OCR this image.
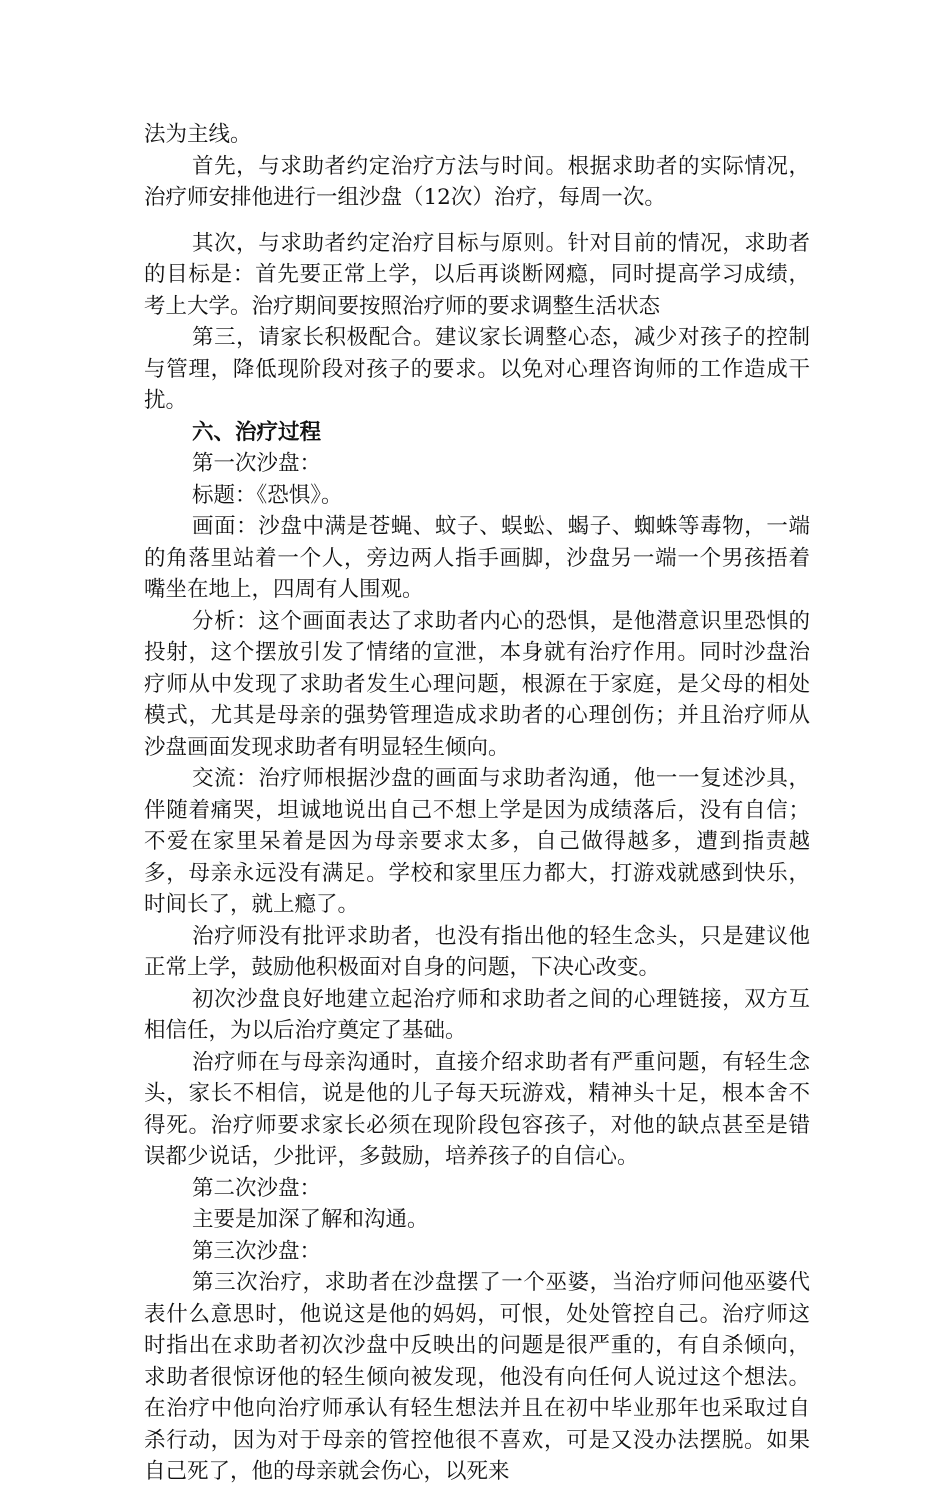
法为主线。

首先，与求助者约定治疗方法与时间。根据求助者的实际情况，治疗师安排他进行一组沙盘（12次）治疗，每周一次。

其次，与求助者约定治疗目标与原则。针对目前的情况，求助者的目标是：首先要正常上学，以后再谈断网瘾，同时提高学习成绩，考上大学。治疗期间要按照治疗师的要求调整生活状态

第三，请家长积极配合。建议家长调整心态，减少对孩子的控制与管理，降低现阶段对孩子的要求。以免对心理咨询师的工作造成干扰。

六、治疗过程

第一次沙盘：

标题：《恐惧》。

画面：沙盘中满是苍蝇、蚊子、蜈蚣、蝎子、蜘蛛等毒物，一端的角落里站着一个人，旁边两人指手画脚，沙盘另一端一个男孩捂着嘴坐在地上，四周有人围观。

分析：这个画面表达了求助者内心的恐惧，是他潜意识里恐惧的投射，这个摆放引发了情绪的宣泄，本身就有治疗作用。同时沙盘治疗师从中发现了求助者发生心理问题，根源在于家庭，是父母的相处模式，尤其是母亲的强势管理造成求助者的心理创伤；并且治疗师从沙盘画面发现求助者有明显轻生倾向。

交流：治疗师根据沙盘的画面与求助者沟通，他一一复述沙具，伴随着痛哭，坦诚地说出自己不想上学是因为成绩落后，没有自信；不爱在家里呆着是因为母亲要求太多，自己做得越多，遭到指责越多，母亲永远没有满足。学校和家里压力都大，打游戏就感到快乐，时间长了，就上瘾了。

治疗师没有批评求助者，也没有指出他的轻生念头，只是建议他正常上学，鼓励他积极面对自身的问题，下决心改变。

初次沙盘良好地建立起治疗师和求助者之间的心理链接，双方互相信任，为以后治疗奠定了基础。

治疗师在与母亲沟通时，直接介绍求助者有严重问题，有轻生念头，家长不相信，说是他的儿子每天玩游戏，精神头十足，根本舍不得死。治疗师要求家长必须在现阶段包容孩子，对他的缺点甚至是错误都少说话，少批评，多鼓励，培养孩子的自信心。

第二次沙盘：

主要是加深了解和沟通。

第三次沙盘：

第三次治疗，求助者在沙盘摆了一个巫婆，当治疗师问他巫婆代表什么意思时，他说这是他的妈妈，可恨，处处管控自己。治疗师这时指出在求助者初次沙盘中反映出的问题是很严重的，有自杀倾向，求助者很惊讶他的轻生倾向被发现，他没有向任何人说过这个想法。在治疗中他向治疗师承认有轻生想法并且在初中毕业那年也采取过自杀行动，因为对于母亲的管控他很不喜欢，可是又没办法摆脱。如果自己死了，他的母亲就会伤心，以死来
